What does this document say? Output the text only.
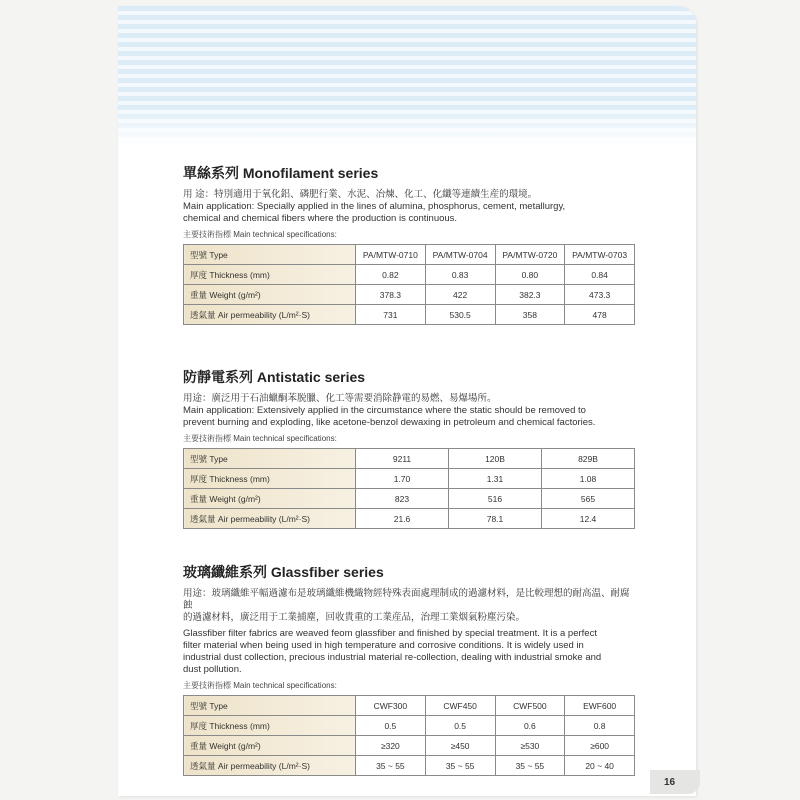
16
單絲系列 Monofilament series
用 途：特別適用于氧化鋁、磷肥行業、水泥、冶煉、化工、化纖等連續生産的環境。
Main application: Specially applied in the lines of alumina, phosphorus, cement, metallurgy,
chemical and chemical fibers where the production is continuous.
主要技術指標 Main technical specifications:
型號 Type	PA/MTW-0710	PA/MTW-0704	PA/MTW-0720	PA/MTW-0703
厚度 Thickness (mm)	0.82	0.83	0.80	0.84
重量 Weight (g/m²)	378.3	422	382.3	473.3
透氣量 Air permeability (L/m²·S)	731	530.5	358	478
防靜電系列 Antistatic series
用途：廣泛用于石油蠟酮苯脱臘、化工等需要消除静電的易燃、易爆場所。
Main application: Extensively applied in the circumstance where the static should be removed to
prevent burning and exploding, like acetone-benzol dewaxing in petroleum and chemical factories.
主要技術指標 Main technical specifications:
型號 Type	9211	120B	829B
厚度 Thickness (mm)	1.70	1.31	1.08
重量 Weight (g/m²)	823	516	565
透氣量 Air permeability (L/m²·S)	21.6	78.1	12.4
玻璃纖維系列 Glassfiber series
用途：玻璃纖維平幅過濾布是玻璃纖維機織物經特殊表面處理制成的過濾材料，是比較理想的耐高温、耐腐蝕
的過濾材料，廣泛用于工業捕塵，回收貴重的工業産品，治理工業烟氣粉塵污染。
Glassfiber filter fabrics are weaved feom glassfiber and finished by special treatment. It is a perfect
filter material when being used in high temperature and corrosive conditions. It is widely used in
industrial dust collection, precious industrial material re-collection, dealing with industrial smoke and
dust pollution.
主要技術指標 Main technical specifications:
型號 Type	CWF300	CWF450	CWF500	EWF600
厚度 Thickness (mm)	0.5	0.5	0.6	0.8
重量 Weight (g/m²)	≥320	≥450	≥530	≥600
透氣量 Air permeability (L/m²·S)	35 ~ 55	35 ~ 55	35 ~ 55	20 ~ 40
